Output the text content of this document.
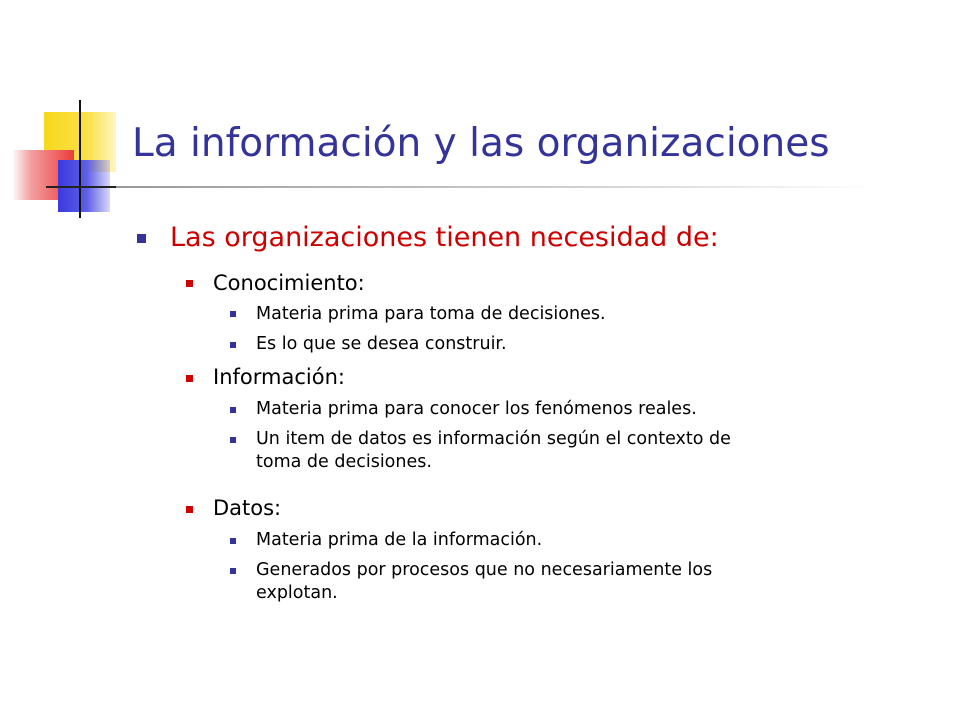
La información y las organizaciones
Las organizaciones tienen necesidad de:
Conocimiento:
Materia prima para toma de decisiones.
Es lo que se desea construir.
Información:
Materia prima para conocer los fenómenos reales.
Un item de datos es información según el contexto de
toma de decisiones.
Datos:
Materia prima de la información.
Generados por procesos que no necesariamente los
explotan.
